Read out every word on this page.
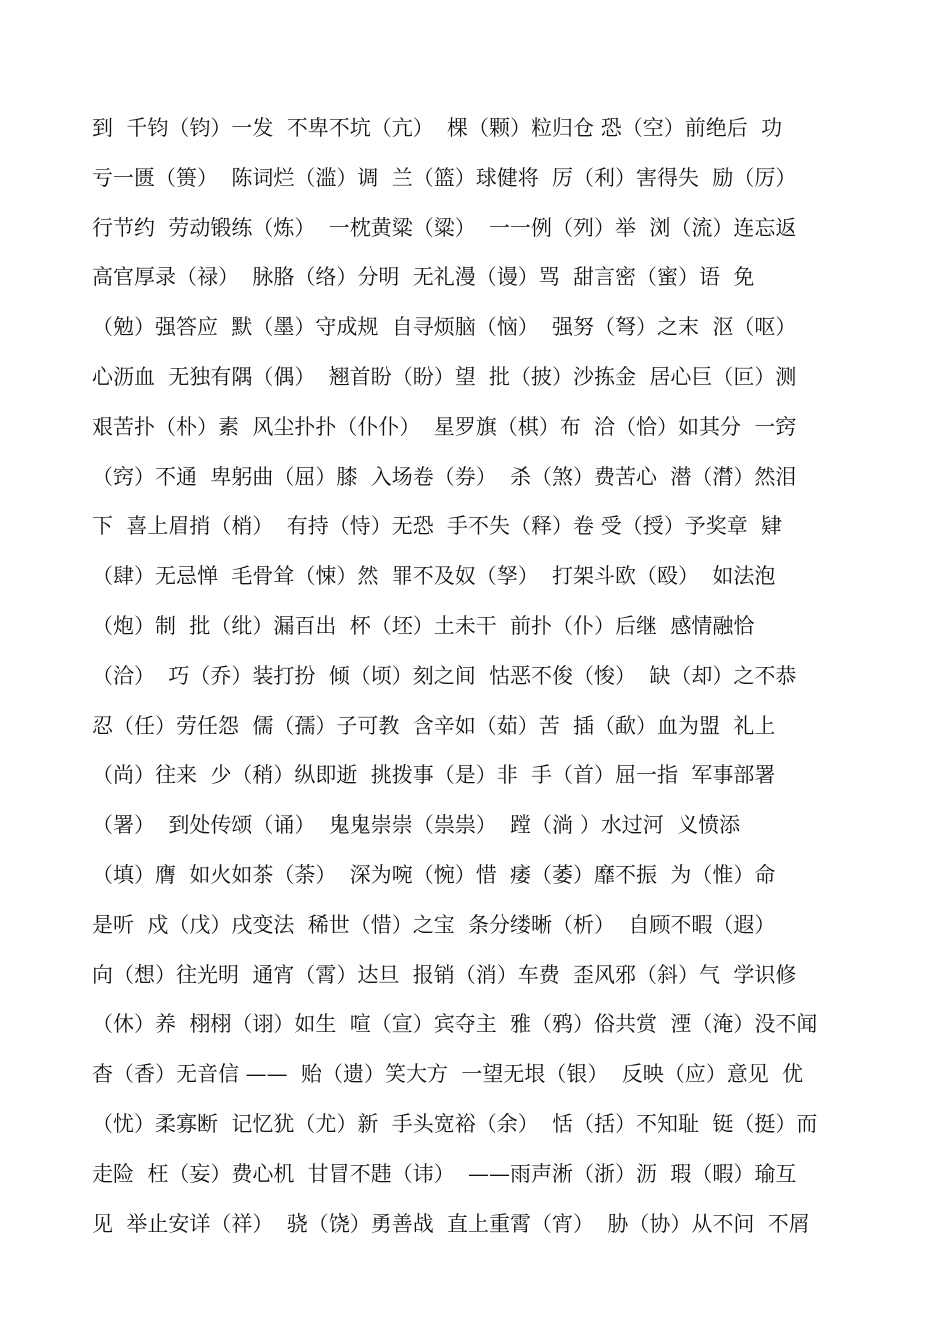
到  千钧（钧）一发  不卑不坑（亢）  棵（颗）粒归仓 恐（空）前绝后  功
亏一匮（篑）  陈词烂（滥）调  兰（篮）球健将  厉（利）害得失  励（厉）
行节约  劳动锻练（炼）  一枕黄粱（粱）  一一例（列）举  浏（流）连忘返
高官厚录（禄）  脉胳（络）分明  无礼漫（谩）骂  甜言密（蜜）语  免
（勉）强答应  默（墨）守成规  自寻烦脑（恼）  强努（弩）之末  沤（呕）
心沥血  无独有隅（偶）  翘首盼（盼）望  批（披）沙拣金  居心巨（叵）测
艰苦扑（朴）素  风尘扑扑（仆仆）  星罗旗（棋）布  洽（恰）如其分  一窍
（窍）不通  卑躬曲（屈）膝  入场卷（券）  杀（煞）费苦心  潜（潸）然泪
下  喜上眉捎（梢）  有持（恃）无恐  手不失（释）卷 受（授）予奖章  肄
（肆）无忌惮  毛骨耸（悚）然  罪不及奴（孥）  打架斗欧（殴）  如法泡
（炮）制  批（纰）漏百出  杯（坯）土未干  前扑（仆）后继  感情融恰
（洽）  巧（乔）装打扮  倾（顷）刻之间  怙恶不俊（悛）  缺（却）之不恭
忍（任）劳任怨  儒（孺）子可教  含辛如（茹）苦  插（歃）血为盟  礼上
（尚）往来  少（稍）纵即逝  挑拨事（是）非  手（首）屈一指  军事部署
（署）  到处传颂（诵）  鬼鬼崇崇（祟祟）  蹚（淌 ）水过河  义愤添
（填）膺  如火如茶（荼）  深为啘（惋）惜  痿（萎）靡不振  为（惟）命
是听  戍（戊）戌变法  稀世（惜）之宝  条分缕晰（析）  自顾不暇（遐）
向（想）往光明  通宵（霄）达旦  报销（消）车费  歪风邪（斜）气  学识修
（休）养  栩栩（诩）如生  喧（宣）宾夺主  雅（鸦）俗共赏  湮（淹）没不闻
杳（香）无音信 ——  贻（遗）笑大方  一望无垠（银）  反映（应）意见  优
（忧）柔寡断  记忆犹（尤）新  手头宽裕（余）  恬（括）不知耻  铤（挺）而
走险  枉（妄）费心机  甘冒不韪（讳）  ——雨声淅（浙）沥  瑕（暇）瑜互
见  举止安详（祥）  骁（饶）勇善战  直上重霄（宵）  胁（协）从不问  不屑
